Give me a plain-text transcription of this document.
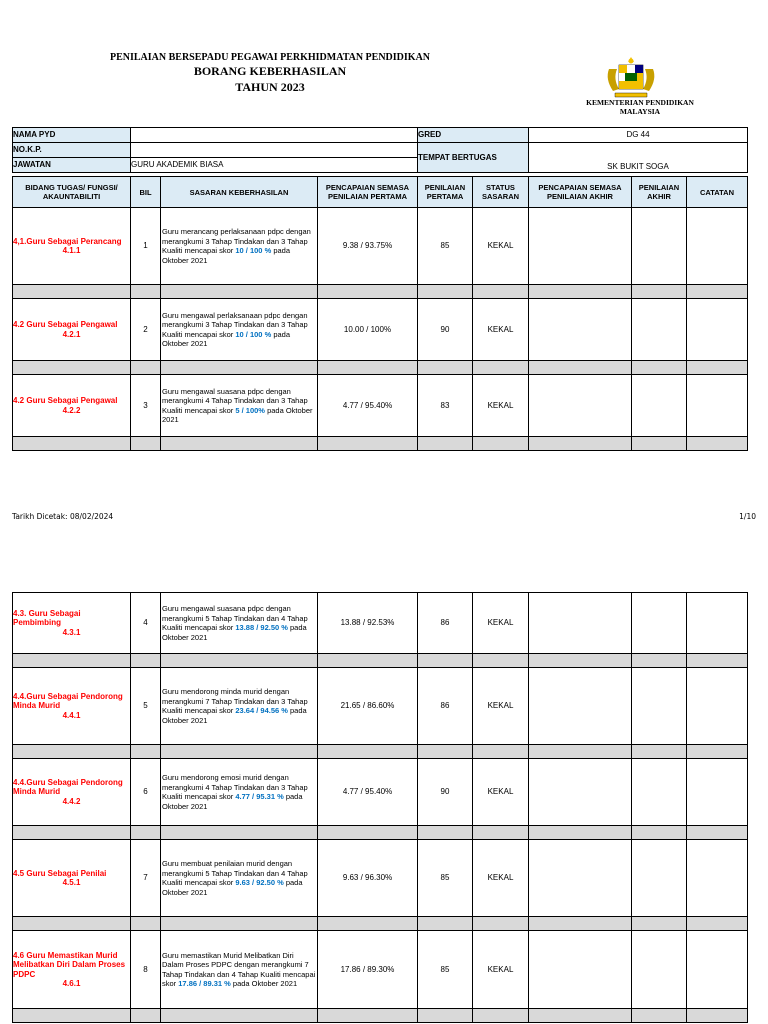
PENILAIAN BERSEPADU PEGAWAI PERKHIDMATAN PENDIDIKAN
BORANG KEBERHASILAN
TAHUN 2023
KEMENTERIAN PENDIDIKAN
MALAYSIA
NAMA PYD		GRED	DG 44
NO.K.P.		TEMPAT BERTUGAS	SK BUKIT SOGA
JAWATAN	GURU AKADEMIK BIASA		
BIDANG TUGAS/ FUNGSI/ AKAUNTABILITI	BIL	SASARAN KEBERHASILAN	PENCAPAIAN SEMASA PENILAIAN PERTAMA	PENILAIAN PERTAMA	STATUS SASARAN	PENCAPAIAN SEMASA PENILAIAN AKHIR	PENILAIAN AKHIR	CATATAN

4,1.Guru Sebagai Perancang
4.1.1	1	Guru merancang perlaksanaan pdpc dengan merangkumi 3 Tahap Tindakan dan 3 Tahap Kualiti mencapai skor 10 / 100 % pada Oktober 2021	9.38 / 93.75%	85	KEKAL			

4.2 Guru Sebagai Pengawal
4.2.1	2	Guru mengawal perlaksanaan pdpc dengan merangkumi 3 Tahap Tindakan dan 3 Tahap Kualiti mencapai skor 10 / 100 % pada Oktober 2021	10.00 / 100%	90	KEKAL			

4.2 Guru Sebagai Pengawal
4.2.2	3	Guru mengawal suasana pdpc dengan merangkumi 4 Tahap Tindakan dan 3 Tahap Kualiti mencapai skor 5 / 100% pada Oktober 2021	4.77 / 95.40%	83	KEKAL			

Tarikh Dicetak: 08/02/2024	1/10
4.3. Guru Sebagai Pembimbing
4.3.1	4	Guru mengawal suasana pdpc dengan merangkumi 5 Tahap Tindakan dan 4 Tahap Kualiti mencapai skor 13.88 / 92.50 % pada Oktober 2021	13.88 / 92.53%	86	KEKAL			

4.4.Guru Sebagai Pendorong Minda Murid
4.4.1	5	Guru mendorong minda murid dengan merangkumi 7 Tahap Tindakan dan 3 Tahap Kualiti mencapai skor 23.64 / 94.56 % pada Oktober 2021	21.65 / 86.60%	86	KEKAL			

4.4.Guru Sebagai Pendorong Minda Murid
4.4.2	6	Guru mendorong emosi murid dengan merangkumi 4 Tahap Tindakan dan 3 Tahap Kualiti mencapai skor 4.77 / 95.31 % pada Oktober 2021	4.77 / 95.40%	90	KEKAL			

4.5 Guru Sebagai Penilai
4.5.1	7	Guru membuat penilaian murid dengan merangkumi 5 Tahap Tindakan dan 4 Tahap Kualiti mencapai skor 9.63 / 92.50 % pada Oktober 2021	9.63 / 96.30%	85	KEKAL			

4.6 Guru Memastikan Murid Melibatkan Diri Dalam Proses PDPC
4.6.1	8	Guru memastikan Murid Melibatkan Diri Dalam Proses PDPC dengan merangkumi 7 Tahap Tindakan dan 4 Tahap Kualiti mencapai skor 17.86 / 89.31 % pada Oktober 2021	17.86 / 89.30%	85	KEKAL			
